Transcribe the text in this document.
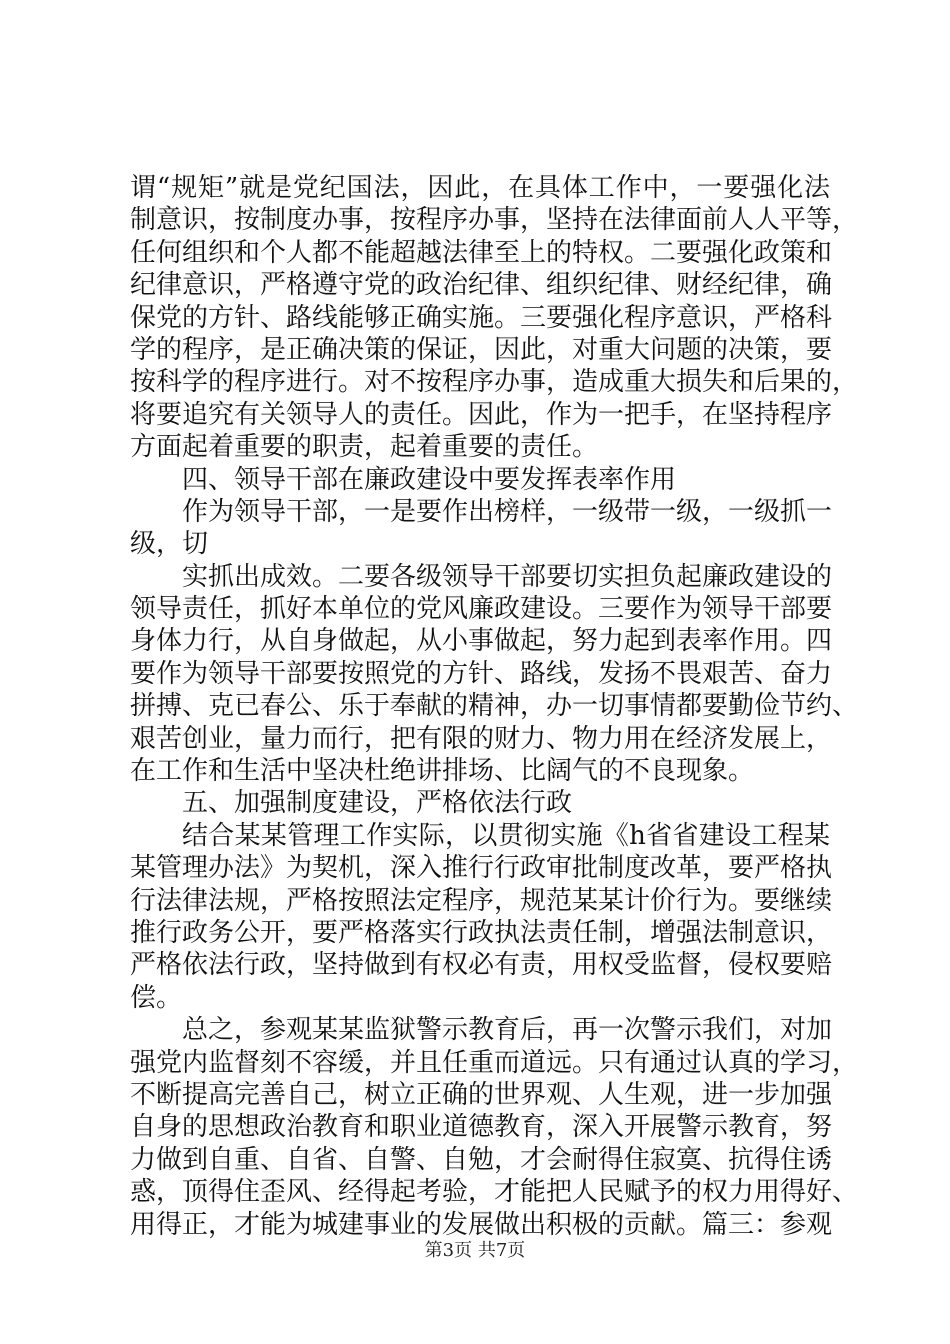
谓“规矩”就是党纪国法，因此，在具体工作中，一要强化法
制意识，按制度办事，按程序办事，坚持在法律面前人人平等，
任何组织和个人都不能超越法律至上的特权。二要强化政策和
纪律意识，严格遵守党的政治纪律、组织纪律、财经纪律，确
保党的方针、路线能够正确实施。三要强化程序意识，严格科
学的程序，是正确决策的保证，因此，对重大问题的决策，要
按科学的程序进行。对不按程序办事，造成重大损失和后果的，
将要追究有关领导人的责任。因此，作为一把手，在坚持程序
方面起着重要的职责，起着重要的责任。
四、领导干部在廉政建设中要发挥表率作用
作为领导干部，一是要作出榜样，一级带一级，一级抓一
级，切
实抓出成效。二要各级领导干部要切实担负起廉政建设的
领导责任，抓好本单位的党风廉政建设。三要作为领导干部要
身体力行，从自身做起，从小事做起，努力起到表率作用。四
要作为领导干部要按照党的方针、路线，发扬不畏艰苦、奋力
拼搏、克已春公、乐于奉献的精神，办一切事情都要勤俭节约、
艰苦创业，量力而行，把有限的财力、物力用在经济发展上，
在工作和生活中坚决杜绝讲排场、比阔气的不良现象。
五、加强制度建设，严格依法行政
结合某某管理工作实际，以贯彻实施《h省省建设工程某
某管理办法》为契机，深入推行行政审批制度改革，要严格执
行法律法规，严格按照法定程序，规范某某计价行为。要继续
推行政务公开，要严格落实行政执法责任制，增强法制意识，
严格依法行政，坚持做到有权必有责，用权受监督，侵权要赔
偿。
总之，参观某某监狱警示教育后，再一次警示我们，对加
强党内监督刻不容缓，并且任重而道远。只有通过认真的学习，
不断提高完善自己，树立正确的世界观、人生观，进一步加强
自身的思想政治教育和职业道德教育，深入开展警示教育，努
力做到自重、自省、自警、自勉，才会耐得住寂寞、抗得住诱
惑，顶得住歪风、经得起考验，才能把人民赋予的权力用得好、
用得正，才能为城建事业的发展做出积极的贡献。篇三：参观
第3页 共7页
